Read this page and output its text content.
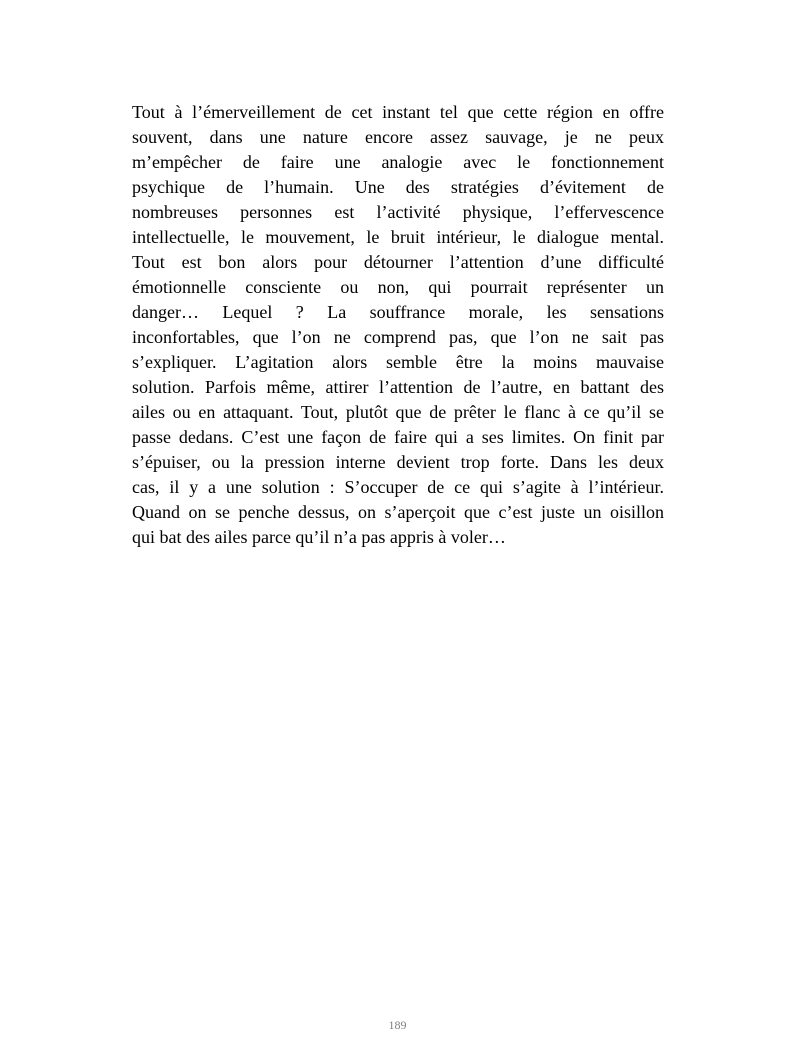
Tout à l’émerveillement de cet instant tel que cette région en offre
souvent, dans une nature encore assez sauvage, je ne peux
m’empêcher de faire une analogie avec le fonctionnement
psychique de l’humain. Une des stratégies d’évitement de
nombreuses personnes est l’activité physique, l’effervescence
intellectuelle, le mouvement, le bruit intérieur, le dialogue mental.
Tout est bon alors pour détourner l’attention d’une difficulté
émotionnelle consciente ou non, qui pourrait représenter un
danger… Lequel ? La souffrance morale, les sensations
inconfortables, que l’on ne comprend pas, que l’on ne sait pas
s’expliquer. L’agitation alors semble être la moins mauvaise
solution. Parfois même, attirer l’attention de l’autre, en battant des
ailes ou en attaquant. Tout, plutôt que de prêter le flanc à ce qu’il se
passe dedans. C’est une façon de faire qui a ses limites. On finit par
s’épuiser, ou la pression interne devient trop forte. Dans les deux
cas, il y a une solution : S’occuper de ce qui s’agite à l’intérieur.
Quand on se penche dessus, on s’aperçoit que c’est juste un oisillon
qui bat des ailes parce qu’il n’a pas appris à voler…
189
